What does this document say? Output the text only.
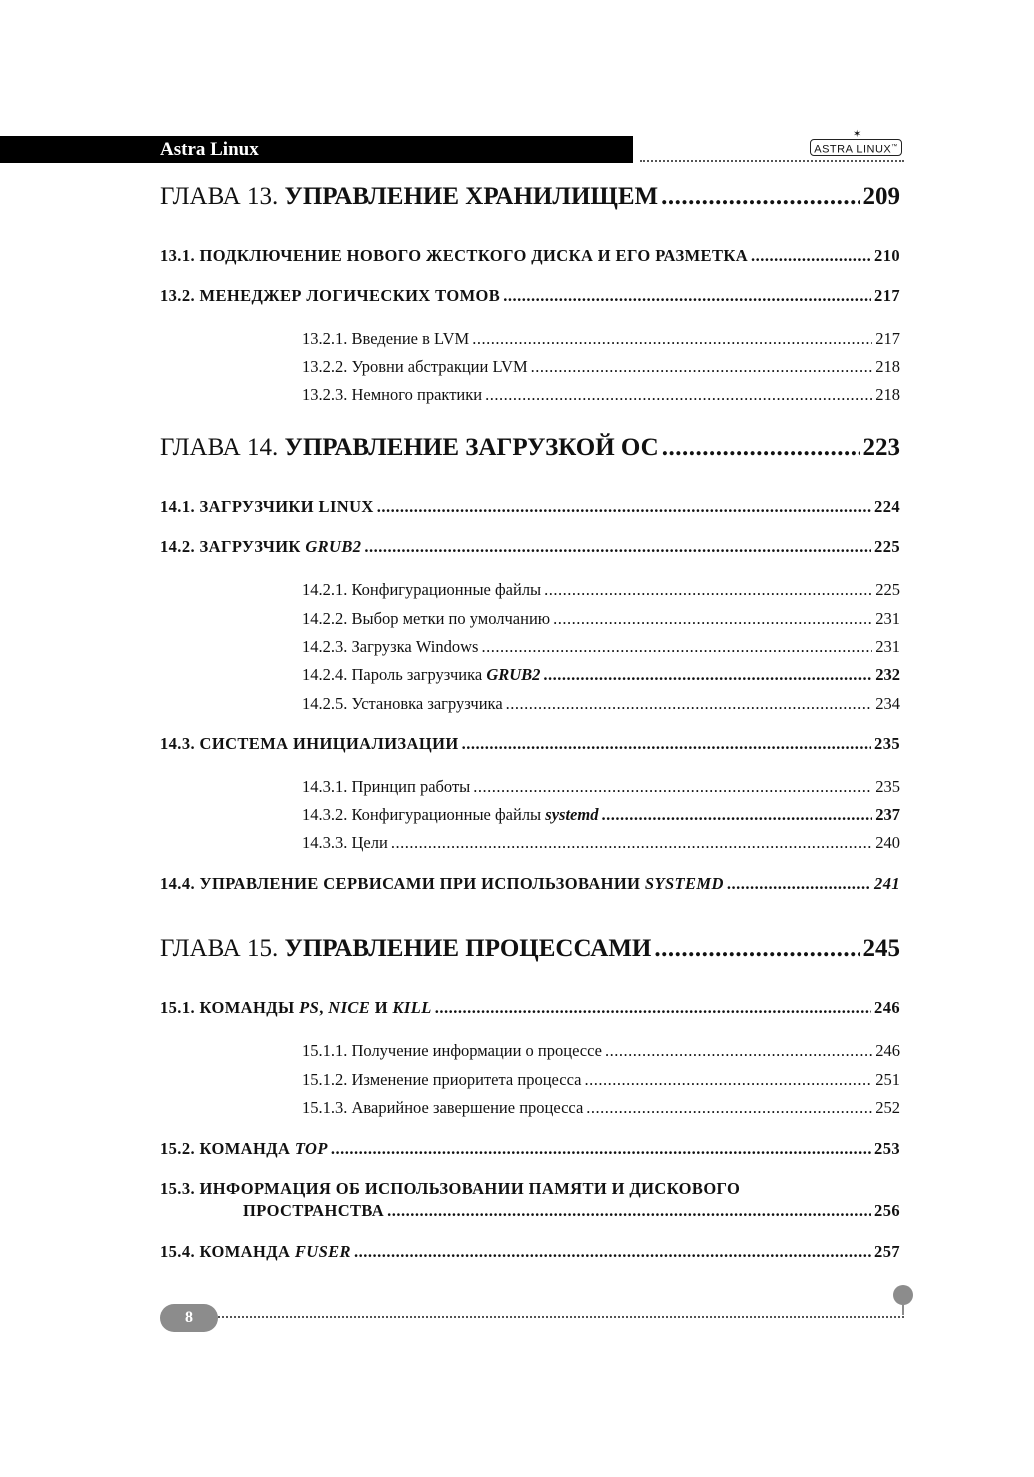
Astra Linux
✶
ASTRA LINUX™
ГЛАВА 13. УПРАВЛЕНИЕ ХРАНИЛИЩЕМ .....	209
13.1. ПОДКЛЮЧЕНИЕ НОВОГО ЖЕСТКОГО ДИСКА И ЕГО РАЗМЕТКА .....	210
13.2. МЕНЕДЖЕР ЛОГИЧЕСКИХ ТОМОВ .....	217
13.2.1. Введение в LVM .....	217
13.2.2. Уровни абстракции LVM .....	218
13.2.3. Немного практики .....	218
ГЛАВА 14. УПРАВЛЕНИЕ ЗАГРУЗКОЙ ОС .....	223
14.1. ЗАГРУЗЧИКИ LINUX .....	224
14.2. ЗАГРУЗЧИК GRUB2 .....	225
14.2.1. Конфигурационные файлы .....	225
14.2.2. Выбор метки по умолчанию .....	231
14.2.3. Загрузка Windows .....	231
14.2.4. Пароль загрузчика GRUB2 .....	232
14.2.5. Установка загрузчика .....	234
14.3. СИСТЕМА ИНИЦИАЛИЗАЦИИ .....	235
14.3.1. Принцип работы .....	235
14.3.2. Конфигурационные файлы systemd .....	237
14.3.3. Цели .....	240
14.4. УПРАВЛЕНИЕ СЕРВИСАМИ ПРИ ИСПОЛЬЗОВАНИИ SYSTEMD .....	241
ГЛАВА 15. УПРАВЛЕНИЕ ПРОЦЕССАМИ .....	245
15.1. КОМАНДЫ PS, NICE И KILL .....	246
15.1.1. Получение информации о процессе .....	246
15.1.2. Изменение приоритета процесса .....	251
15.1.3. Аварийное завершение процесса .....	252
15.2. КОМАНДА TOP .....	253
15.3. ИНФОРМАЦИЯ ОБ ИСПОЛЬЗОВАНИИ ПАМЯТИ И ДИСКОВОГО
ПРОСТРАНСТВА .....	256
15.4. КОМАНДА FUSER .....	257
8
